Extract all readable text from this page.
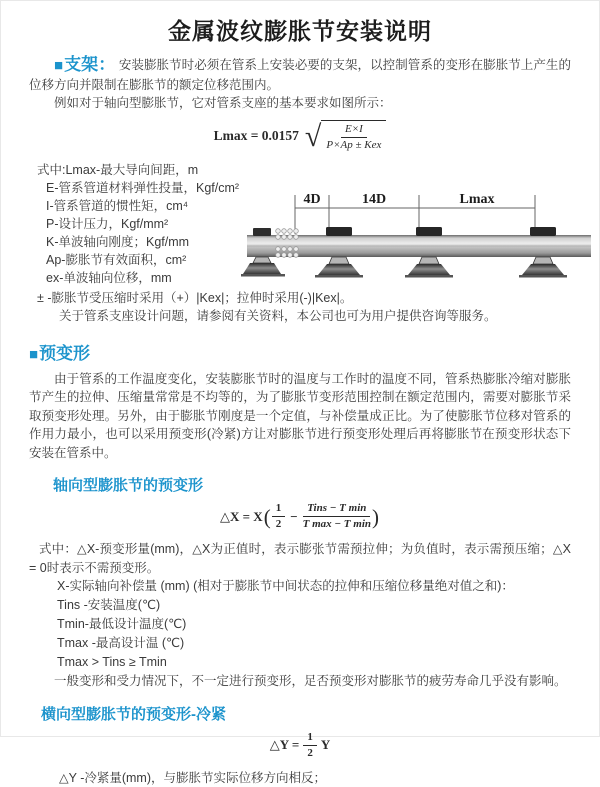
金属波纹膨胀节安装说明

■支架： 安装膨胀节时必须在管系上安装必要的支架，以控制管系的变形在膨胀节上产生的位移方向并限制在膨胀节的额定位移范围内。

例如对于轴向型膨胀节，它对管系支座的基本要求如图所示：

Lmax = 0.0157 √ $\frac{E\times I}{\text{P×Ap ± Kex}}$
式中:Lmax-最大导向间距，m
E-管系管道材料弹性投量，Kgf/cm²
I-管系管道的惯性矩，cm⁴
P-设计压力，Kgf/mm²
K-单波轴向刚度；Kgf/mm
Ap-膨胀节有效面积，cm²
ex-单波轴向位移，mm
4D	14D	Lmax

± -膨胀节受压缩时采用（+）|Kex|；拉伸时采用(-)|Kex|。

关于管系支座设计问题，请参阅有关资料，本公司也可为用户提供咨询等服务。

■预变形

由于管系的工作温度变化，安装膨胀节时的温度与工作时的温度不同，管系热膨胀冷缩对膨胀节产生的拉伸、压缩量常常是不均等的，为了膨胀节变形范围控制在额定范围内，需要对膨胀节采取预变形处理。另外，由于膨胀节刚度是一个定值，与补偿量成正比。为了使膨胀节位移对管系的作用力最小，也可以采用预变形(冷紧)方让对膨胀节进行预变形处理后再将膨胀节在预变形状态下安装在管系中。

轴向型膨胀节的预变形
△X = X ( $\frac{1}{2} - \frac{\text{Tins − T min}}{\text{T max − T min}}$ )

式中：△X-预变形量(mm)，△X为正值时，表示膨张节需预拉伸；为负值时，表示需预压缩；△X = 0时表示不需预变形。

X-实际轴向补偿量 (mm) (相对于膨胀节中间状态的拉伸和压缩位移量绝对值之和)：
Tins -安装温度(℃)
Tmin-最低设计温度(℃)
Tmax -最高设计温 (℃)
Tmax > Tins ≥ Tmin

一般变形和受力情况下，不一定进行预变形，足否预变形对膨胀节的疲劳寿命几乎没有影响。

横向型膨胀节的预变形-冷紧
△Y = $\frac{1}{2}$ Y

△Y -冷紧量(mm)，与膨胀节实际位移方向相反；
